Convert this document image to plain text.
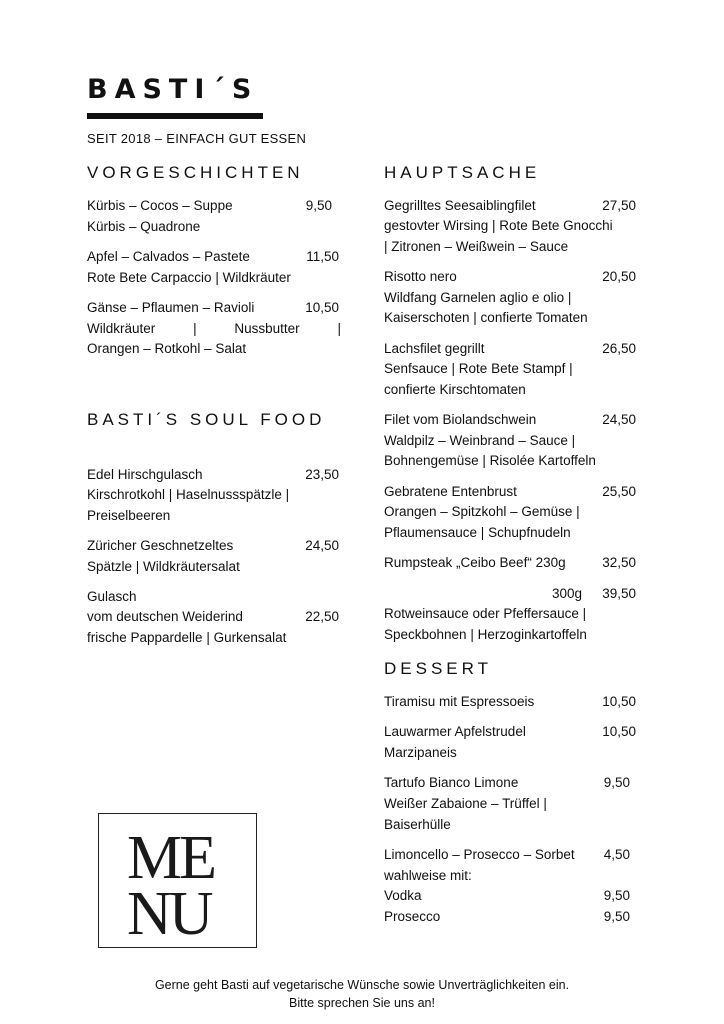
BASTI´S
SEIT 2018 – EINFACH GUT ESSEN
VORGESCHICHTEN
Kürbis – Cocos – Suppe	9,50
Kürbis – Quadrone
Apfel – Calvados – Pastete	11,50
Rote Bete Carpaccio | Wildkräuter
Gänse – Pflaumen – Ravioli	10,50
Wildkräuter	|	Nussbutter	|
Orangen – Rotkohl – Salat
BASTI´S SOUL FOOD
Edel Hirschgulasch	23,50
Kirschrotkohl | Haselnussspätzle |
Preiselbeeren
Züricher Geschnetzeltes	24,50
Spätzle | Wildkräutersalat
Gulasch
vom deutschen Weiderind	22,50
frische Pappardelle | Gurkensalat
HAUPTSACHE
Gegrilltes Seesaiblingfilet	27,50
gestovter Wirsing | Rote Bete Gnocchi
| Zitronen – Weißwein – Sauce
Risotto nero	20,50
Wildfang Garnelen aglio e olio |
Kaiserschoten | confierte Tomaten
Lachsfilet gegrillt	26,50
Senfsauce | Rote Bete Stampf |
confierte Kirschtomaten
Filet vom Biolandschwein	24,50
Waldpilz – Weinbrand – Sauce |
Bohnengemüse | Risolée Kartoffeln
Gebratene Entenbrust	25,50
Orangen – Spitzkohl – Gemüse |
Pflaumensauce | Schupfnudeln
Rumpsteak „Ceibo Beef“ 230g	32,50
300g	39,50
Rotweinsauce oder Pfeffersauce |
Speckbohnen | Herzoginkartoffeln
DESSERT
Tiramisu mit Espressoeis	10,50
Lauwarmer Apfelstrudel	10,50
Marzipaneis
Tartufo Bianco Limone	9,50
Weißer Zabaione – Trüffel |
Baiserhülle
Limoncello – Prosecco – Sorbet	4,50
wahlweise mit:
Vodka	9,50
Prosecco	9,50
ME
NU
Gerne geht Basti auf vegetarische Wünsche sowie Unverträglichkeiten ein.
Bitte sprechen Sie uns an!
